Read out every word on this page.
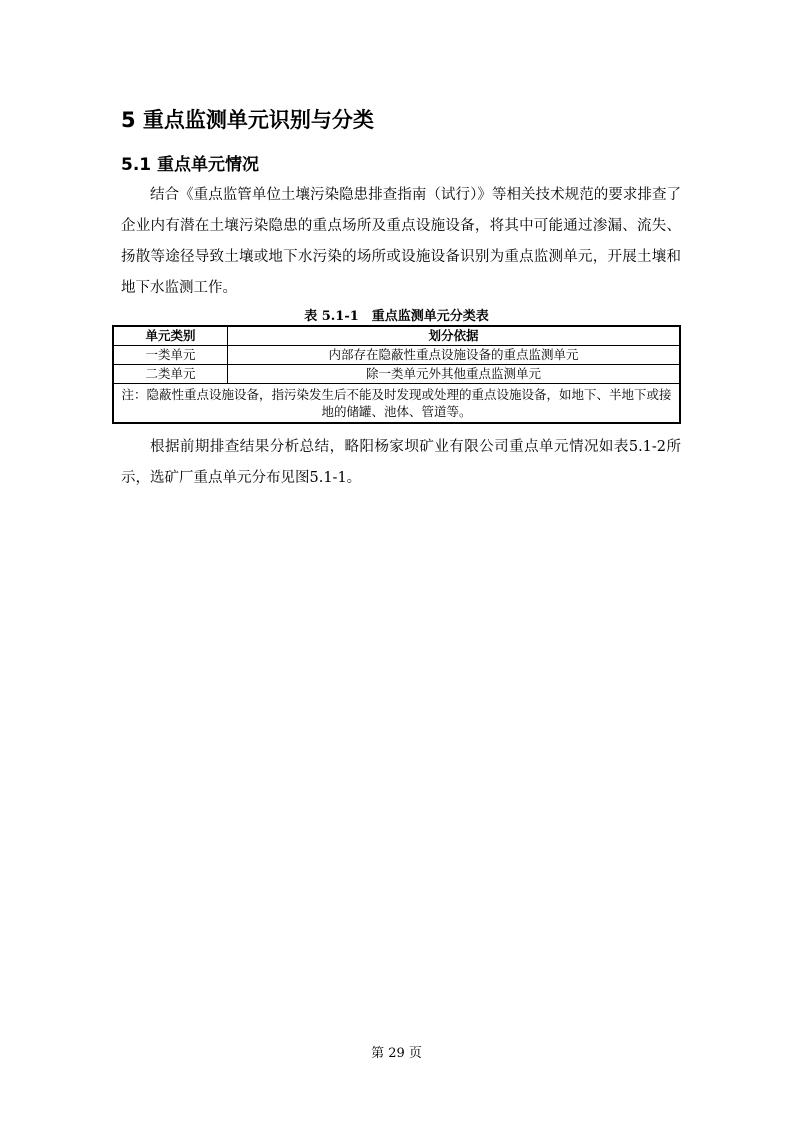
5 重点监测单元识别与分类
5.1 重点单元情况

结合《重点监管单位土壤污染隐患排查指南（试行）》等相关技术规范的要求排查了企业内有潜在土壤污染隐患的重点场所及重点设施设备，将其中可能通过渗漏、流失、扬散等途径导致土壤或地下水污染的场所或设施设备识别为重点监测单元，开展土壤和地下水监测工作。

表 5.1-1　重点监测单元分类表
单元类别	划分依据
一类单元	内部存在隐蔽性重点设施设备的重点监测单元
二类单元	除一类单元外其他重点监测单元
注：隐蔽性重点设施设备，指污染发生后不能及时发现或处理的重点设施设备，如地下、半地下或接地的储罐、池体、管道等。	

根据前期排查结果分析总结，略阳杨家坝矿业有限公司重点单元情况如表5.1-2所示，选矿厂重点单元分布见图5.1-1。

第 29 页
